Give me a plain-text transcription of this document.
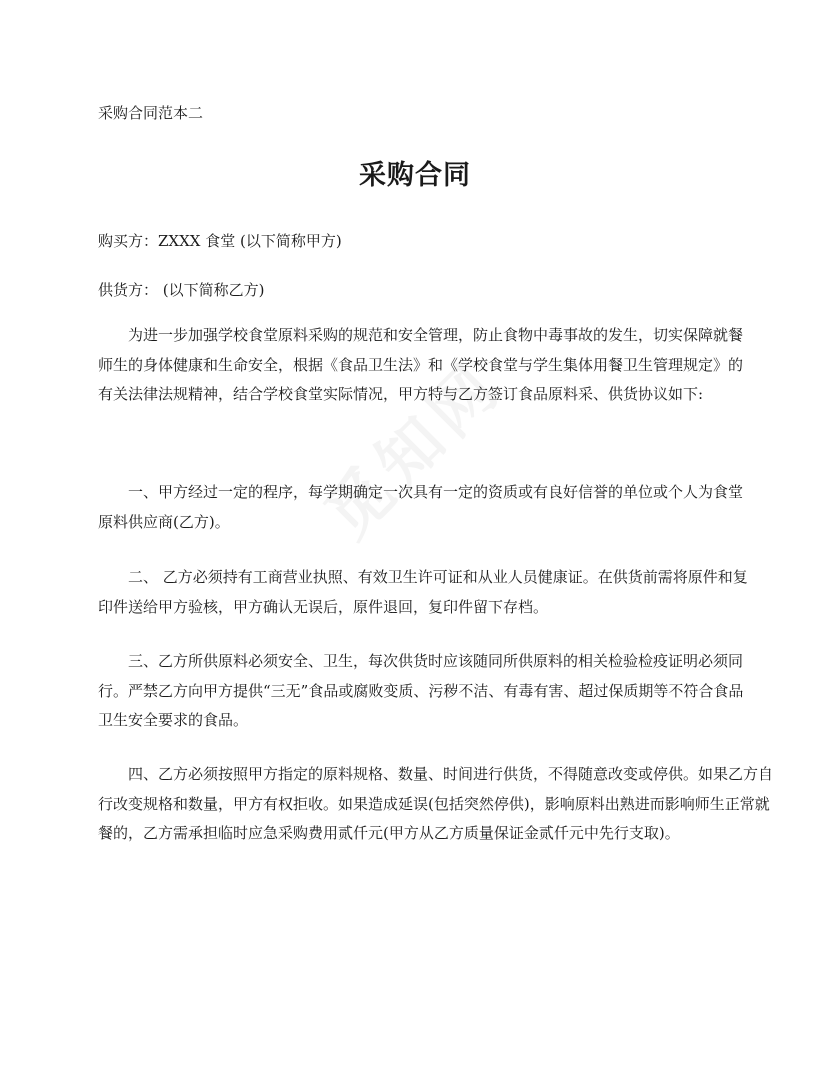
采购合同范本二
采购合同
购买方：ZXXX 食堂 (以下简称甲方)
供货方： (以下简称乙方)

为进一步加强学校食堂原料采购的规范和安全管理，防止食物中毒事故的发生，切实保障就餐师生的身体健康和生命安全，根据《食品卫生法》和《学校食堂与学生集体用餐卫生管理规定》的有关法律法规精神，结合学校食堂实际情况，甲方特与乙方签订食品原料采、供货协议如下:

一、甲方经过一定的程序，每学期确定一次具有一定的资质或有良好信誉的单位或个人为食堂原料供应商(乙方)。

二、 乙方必须持有工商营业执照、有效卫生许可证和从业人员健康证。在供货前需将原件和复印件送给甲方验核，甲方确认无误后，原件退回，复印件留下存档。

三、乙方所供原料必须安全、卫生，每次供货时应该随同所供原料的相关检验检疫证明必须同行。严禁乙方向甲方提供“三无”食品或腐败变质、污秽不洁、有毒有害、超过保质期等不符合食品卫生安全要求的食品。

四、乙方必须按照甲方指定的原料规格、数量、时间进行供货，不得随意改变或停供。如果乙方自行改变规格和数量，甲方有权拒收。如果造成延误(包括突然停供)，影响原料出熟进而影响师生正常就餐的，乙方需承担临时应急采购费用贰仟元(甲方从乙方质量保证金贰仟元中先行支取)。
